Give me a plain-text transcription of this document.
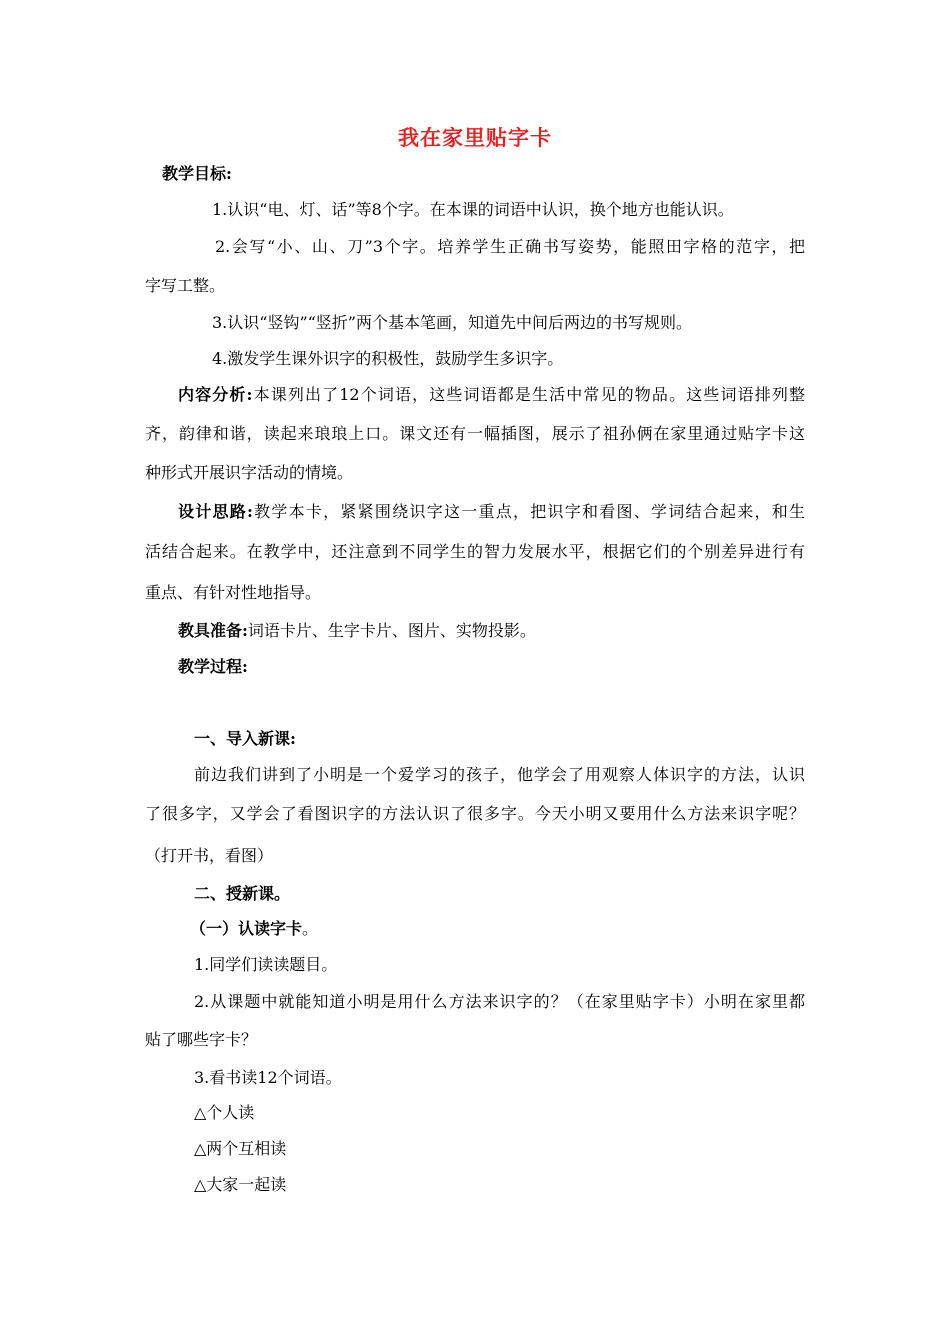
我在家里贴字卡
教学目标:
1.认识“电、灯、话”等8个字。在本课的词语中认识，换个地方也能认识。
2.会写“小、山、刀”3个字。培养学生正确书写姿势，能照田字格的范字，把
字写工整。
3.认识“竖钩”“竖折”两个基本笔画，知道先中间后两边的书写规则。
4.激发学生课外识字的积极性，鼓励学生多识字。
内容分析:本课列出了12个词语，这些词语都是生活中常见的物品。这些词语排列整
齐，韵律和谐，读起来琅琅上口。课文还有一幅插图，展示了祖孙俩在家里通过贴字卡这
种形式开展识字活动的情境。
设计思路:教学本卡，紧紧围绕识字这一重点，把识字和看图、学词结合起来，和生
活结合起来。在教学中，还注意到不同学生的智力发展水平，根据它们的个别差异进行有
重点、有针对性地指导。
教具准备:词语卡片、生字卡片、图片、实物投影。
教学过程:
一、导入新课:
前边我们讲到了小明是一个爱学习的孩子，他学会了用观察人体识字的方法，认识
了很多字，又学会了看图识字的方法认识了很多字。今天小明又要用什么方法来识字呢？
（打开书，看图）
二、授新课。
（一）认读字卡。
1.同学们读读题目。
2.从课题中就能知道小明是用什么方法来识字的？（在家里贴字卡）小明在家里都
贴了哪些字卡？
3.看书读12个词语。
△个人读
△两个互相读
△大家一起读
